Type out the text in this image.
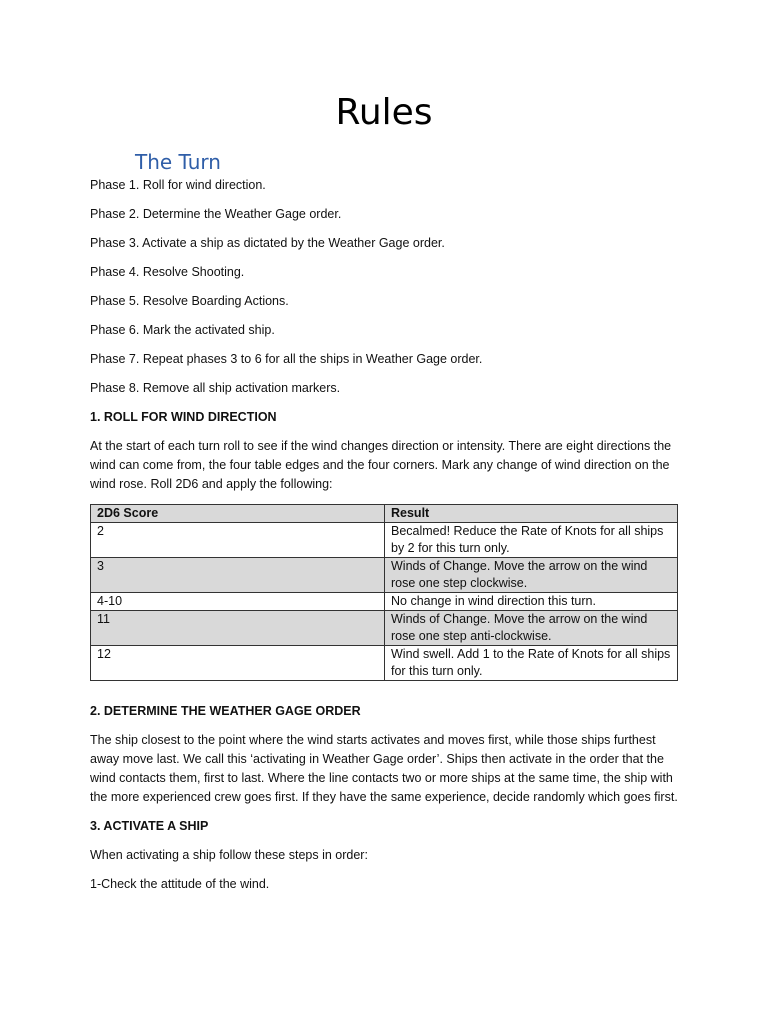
Rules
The Turn

Phase 1. Roll for wind direction.

Phase 2. Determine the Weather Gage order.

Phase 3. Activate a ship as dictated by the Weather Gage order.

Phase 4. Resolve Shooting.

Phase 5. Resolve Boarding Actions.

Phase 6. Mark the activated ship.

Phase 7. Repeat phases 3 to 6 for all the ships in Weather Gage order.

Phase 8. Remove all ship activation markers.

1. ROLL FOR WIND DIRECTION

At the start of each turn roll to see if the wind changes direction or intensity. There are eight directions the wind can come from, the four table edges and the four corners. Mark any change of wind direction on the wind rose. Roll 2D6 and apply the following:

2D6 Score	Result
2	Becalmed! Reduce the Rate of Knots for all ships by 2 for this turn only.
3	Winds of Change. Move the arrow on the wind rose one step clockwise.
4-10	No change in wind direction this turn.
11	Winds of Change. Move the arrow on the wind rose one step anti-clockwise.
12	Wind swell. Add 1 to the Rate of Knots for all ships for this turn only.

2. DETERMINE THE WEATHER GAGE ORDER

The ship closest to the point where the wind starts activates and moves first, while those ships furthest away move last. We call this ‘activating in Weather Gage order’. Ships then activate in the order that the wind contacts them, first to last. Where the line contacts two or more ships at the same time, the ship with the more experienced crew goes first. If they have the same experience, decide randomly which goes first.

3. ACTIVATE A SHIP

When activating a ship follow these steps in order:

1-Check the attitude of the wind.
